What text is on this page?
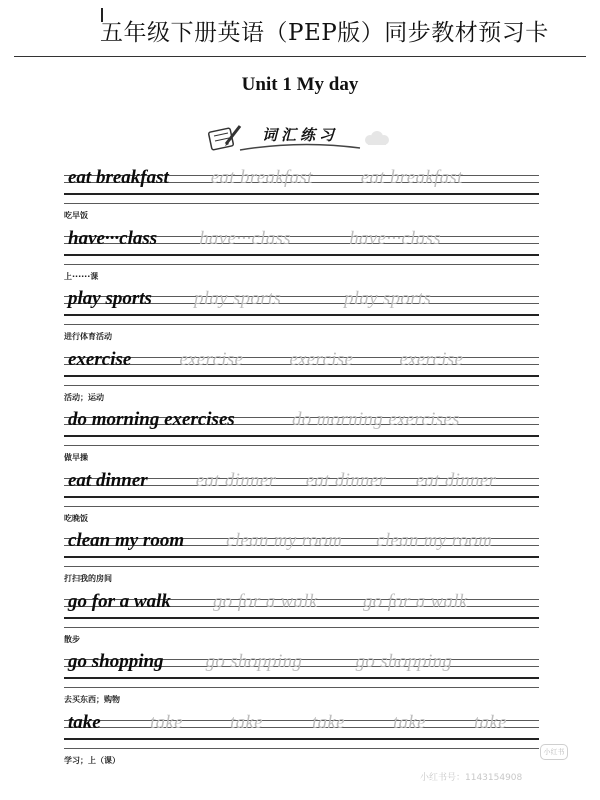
五年级下册英语（PEP版）同步教材预习卡
Unit 1 My day
词汇练习
eat breakfast
吃早饭
eat breakfast	eat breakfast
have···class
上······课
have···class	have···class
play sports
进行体育活动
play sports	play sports
exercise
活动；运动
exercise exercise exercise
do morning exercises
做早操
do morning exercises
eat dinner
吃晚饭
eat dinner eat dinner eat dinner
clean my room
打扫我的房间
clean my room clean my room
go for a walk
散步
go for a walk go for a walk
go shopping
去买东西；购物
go shopping	go shopping
take
学习；上（课）
take take	take	take	take
小红书
小红书号：1143154908
